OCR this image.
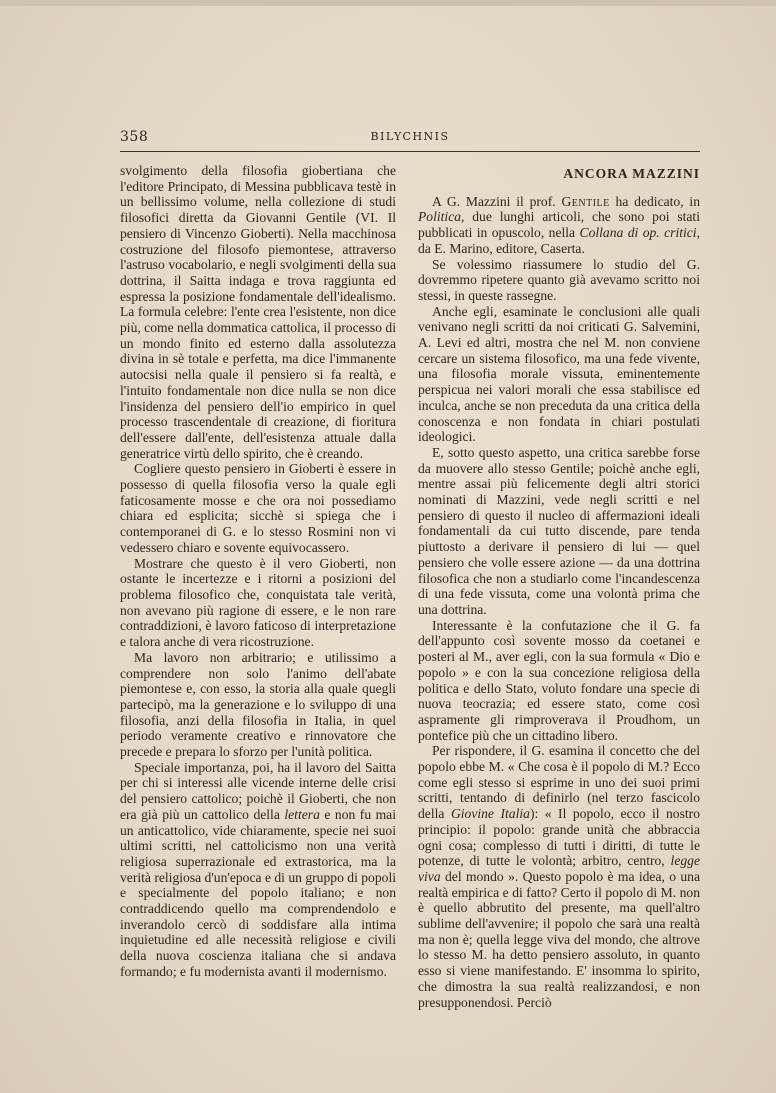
358	BILYCHNIS

svolgimento della filosofia giobertiana che l'editore Principato, di Messina pubblicava testè in un bellissimo volume, nella collezione di studi filosofici diretta da Giovanni Gentile (VI. Il pensiero di Vincenzo Gioberti). Nella macchinosa costruzione del filosofo piemontese, attraverso l'astruso vocabolario, e negli svolgimenti della sua dottrina, il Saitta indaga e trova raggiunta ed espressa la posizione fondamentale dell'idealismo. La formula celebre: l'ente crea l'esistente, non dice più, come nella dommatica cattolica, il processo di un mondo finito ed esterno dalla assolutezza divina in sè totale e perfetta, ma dice l'immanente autocsisi nella quale il pensiero si fa realtà, e l'intuito fondamentale non dice nulla se non dice l'insidenza del pensiero dell'io empirico in quel processo trascendentale di creazione, di fioritura dell'essere dall'ente, dell'esistenza attuale dalla generatrice virtù dello spirito, che è creando.

Cogliere questo pensiero in Gioberti è essere in possesso di quella filosofia verso la quale egli faticosamente mosse e che ora noi possediamo chiara ed esplicita; sicchè si spiega che i contemporanei di G. e lo stesso Rosmini non vi vedessero chiaro e sovente equivocassero.

Mostrare che questo è il vero Gioberti, non ostante le incertezze e i ritorni a posizioni del problema filosofico che, conquistata tale verità, non avevano più ragione di essere, e le non rare contraddizioni, è lavoro faticoso di interpretazione e talora anche di vera ricostruzione.

Ma lavoro non arbitrario; e utilissimo a comprendere non solo l'animo dell'abate piemontese e, con esso, la storia alla quale quegli partecipò, ma la generazione e lo sviluppo di una filosofia, anzi della filosofia in Italia, in quel periodo veramente creativo e rinnovatore che precede e prepara lo sforzo per l'unità politica.

Speciale importanza, poi, ha il lavoro del Saitta per chi si interessi alle vicende interne delle crisi del pensiero cattolico; poichè il Gioberti, che non era già più un cattolico della lettera e non fu mai un anticattolico, vide chiaramente, specie nei suoi ultimi scritti, nel cattolicismo non una verità religiosa superrazionale ed extrastorica, ma la verità religiosa d'un'epoca e di un gruppo di popoli e specialmente del popolo italiano; e non contraddicendo quello ma comprendendolo e inverandolo cercò di soddisfare alla intima inquietudine ed alle necessità religiose e civili della nuova coscienza italiana che si andava formando; e fu modernista avanti il modernismo.

ANCORA MAZZINI

A G. Mazzini il prof. Gentile ha dedicato, in Politica, due lunghi articoli, che sono poi stati pubblicati in opuscolo, nella Collana di op. critici, da E. Marino, editore, Caserta.

Se volessimo riassumere lo studio del G. dovremmo ripetere quanto già avevamo scritto noi stessi, in queste rassegne.

Anche egli, esaminate le conclusioni alle quali venivano negli scritti da noi criticati G. Salvemini, A. Levi ed altri, mostra che nel M. non conviene cercare un sistema filosofico, ma una fede vivente, una filosofia morale vissuta, eminentemente perspicua nei valori morali che essa stabilisce ed inculca, anche se non preceduta da una critica della conoscenza e non fondata in chiari postulati ideologici.

E, sotto questo aspetto, una critica sarebbe forse da muovere allo stesso Gentile; poichè anche egli, mentre assai più felicemente degli altri storici nominati di Mazzini, vede negli scritti e nel pensiero di questo il nucleo di affermazioni ideali fondamentali da cui tutto discende, pare tenda piuttosto a derivare il pensiero di lui — quel pensiero che volle essere azione — da una dottrina filosofica che non a studiarlo come l'incandescenza di una fede vissuta, come una volontà prima che una dottrina.

Interessante è la confutazione che il G. fa dell'appunto così sovente mosso da coetanei e posteri al M., aver egli, con la sua formula « Dio e popolo » e con la sua concezione religiosa della politica e dello Stato, voluto fondare una specie di nuova teocrazia; ed essere stato, come così aspramente gli rimproverava il Proudhom, un pontefice più che un cittadino libero.

Per rispondere, il G. esamina il concetto che del popolo ebbe M. « Che cosa è il popolo di M.? Ecco come egli stesso si esprime in uno dei suoi primi scritti, tentando di definirlo (nel terzo fascicolo della Giovine Italia): « Il popolo, ecco il nostro principio: il popolo: grande unità che abbraccia ogni cosa; complesso di tutti i diritti, di tutte le potenze, di tutte le volontà; arbitro, centro, legge viva del mondo ». Questo popolo è ma idea, o una realtà empirica e di fatto? Certo il popolo di M. non è quello abbrutito del presente, ma quell'altro sublime dell'avvenire; il popolo che sarà una realtà ma non è; quella legge viva del mondo, che altrove lo stesso M. ha detto pensiero assoluto, in quanto esso si viene manifestando. E' insomma lo spirito, che dimostra la sua realtà realizzandosi, e non presupponendosi. Perciò
